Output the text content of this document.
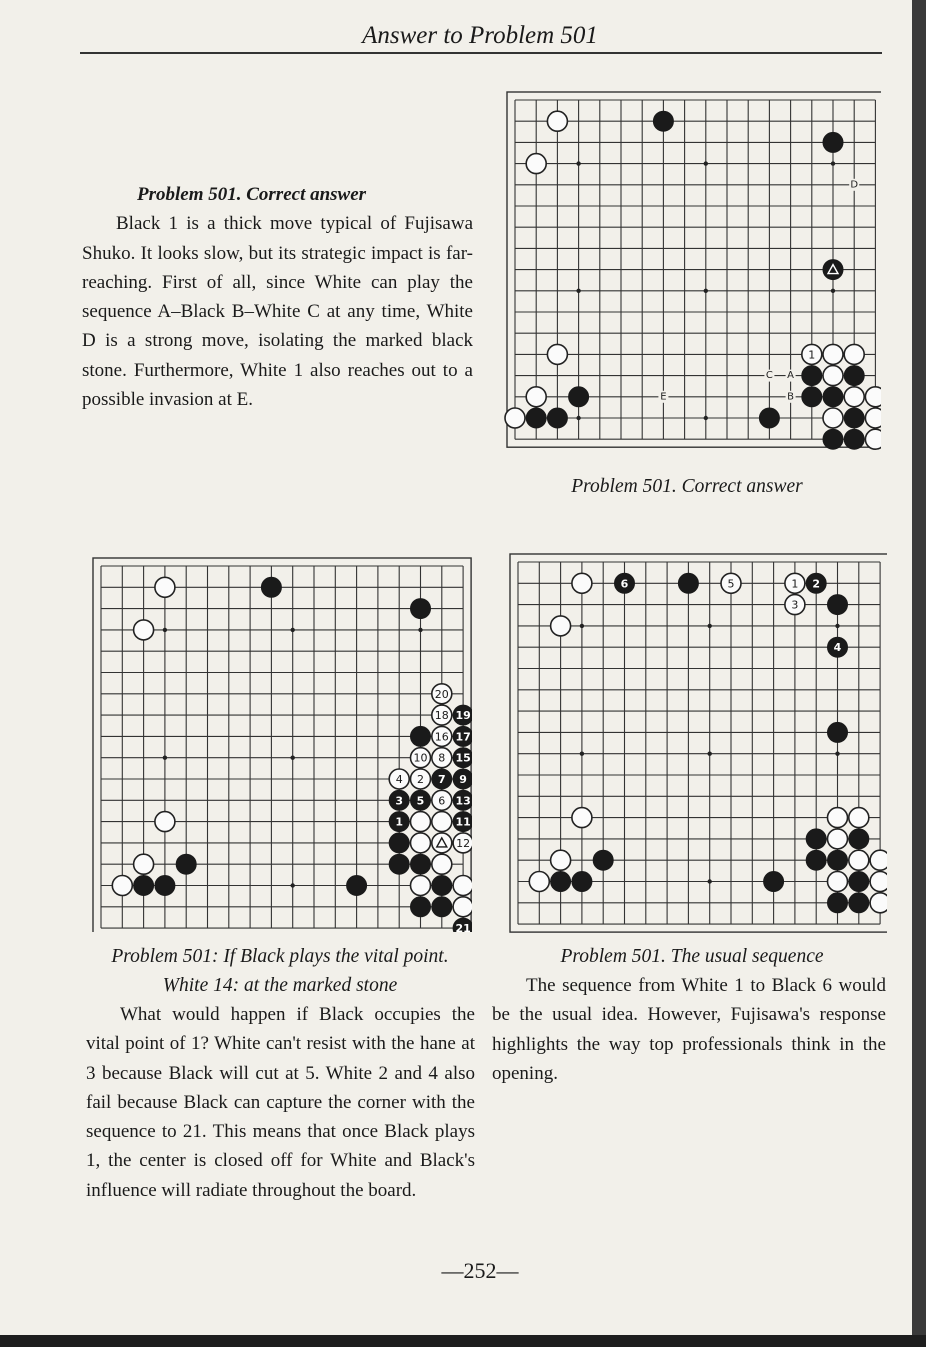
Answer to Problem 501

Problem 501. Correct answer

Black 1 is a thick move typical of Fujisawa Shuko. It looks slow, but its strategic impact is far-reaching. First of all, since White can play the sequence A–Black B–White C at any time, White D is a strong move, isolating the marked black stone. Furthermore, White 1 also reaches out to a possible invasion at E.

A
B
C
D
E
1
Problem 501. Correct answer
20
18 19
16 17
10 8 15
4 2 7 9
3 5 6 13
1	11
12
21
Problem 501: If Black plays the vital point.
White 14: at the marked stone
6	5	1 2
3
4
Problem 501. The usual sequence

What would happen if Black occupies the vital point of 1? White can't resist with the hane at 3 because Black will cut at 5. White 2 and 4 also fail because Black can capture the corner with the sequence to 21. This means that once Black plays 1, the center is closed off for White and Black's influence will radiate throughout the board.

The sequence from White 1 to Black 6 would be the usual idea. However, Fujisawa's response highlights the way top professionals think in the opening.

—252—
